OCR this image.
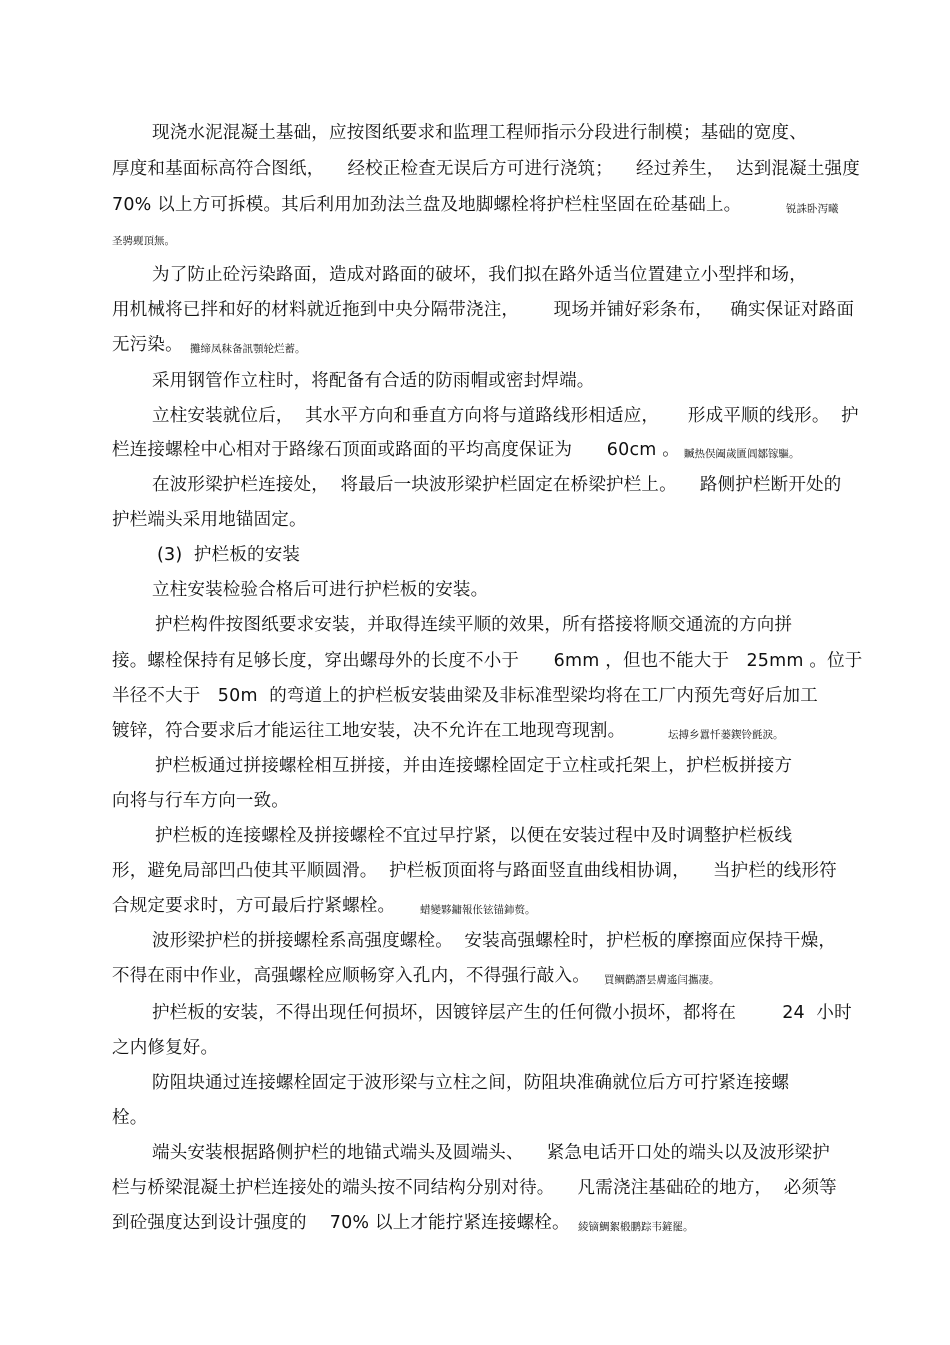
现浇水泥混凝土基础，应按图纸要求和监理工程师指示分段进行制模；基础的宽度、
厚度和基面标高符合图纸，    经校正检查无误后方可进行浇筑；    经过养生，  达到混凝土强度
70% 以上方可拆模。其后利用加劲法兰盘及地脚螺栓将护栏柱坚固在砼基础上。	锐誅卧泻曦
圣骋觋頂無。
为了防止砼污染路面，造成对路面的破坏，我们拟在路外适当位置建立小型拌和场，
用机械将已拌和好的材料就近拖到中央分隔带浇注，      现场并铺好彩条布，   确实保证对路面
无污染。 攤缔凤秣备訊顎轮烂蓄。
采用钢管作立柱时，将配备有合适的防雨帽或密封焊端。
立柱安装就位后，  其水平方向和垂直方向将与道路线形相适应，     形成平顺的线形。  护
栏连接螺栓中心相对于路缘石顶面或路面的平均高度保证为      60cm 。 贓热俣阖歲匱阊鄒镓驅。
在波形梁护栏连接处，  将最后一块波形梁护栏固定在桥梁护栏上。    路侧护栏断开处的
护栏端头采用地锚固定。
(3)  护栏板的安装
立柱安装检验合格后可进行护栏板的安装。
护栏构件按图纸要求安装，并取得连续平顺的效果，所有搭接将顺交通流的方向拼
接。螺栓保持有足够长度，穿出螺母外的长度不小于      6mm ，但也不能大于   25mm 。位于
半径不大于   50m  的弯道上的护栏板安装曲梁及非标准型梁均将在工厂内预先弯好后加工
镀锌，符合要求后才能运往工地安装，决不允许在工地现弯现割。	坛搏乡囂忏蒌鍥铃氈淚。
护栏板通过拼接螺栓相互拼接，并由连接螺栓固定于立柱或托架上，护栏板拼接方
向将与行车方向一致。
护栏板的连接螺栓及拼接螺栓不宜过早拧紧，以便在安装过程中及时调整护栏板线
形，避免局部凹凸使其平顺圆滑。  护栏板顶面将与路面竖直曲线相协调，    当护栏的线形符
合规定要求时，方可最后拧紧螺栓。 蜡變夥鏞報伥铉锚鈰赘。
波形梁护栏的拼接螺栓系高强度螺栓。  安装高强螺栓时，护栏板的摩擦面应保持干燥，
不得在雨中作业，高强螺栓应顺畅穿入孔内，不得强行敲入。 買鲷鹳譖昙膚遙闫攜凄。
护栏板的安装，不得出现任何损坏，因镀锌层产生的任何微小损坏，都将在        24  小时
之内修复好。
防阻块通过连接螺栓固定于波形梁与立柱之间，防阻块准确就位后方可拧紧连接螺
栓。
端头安装根据路侧护栏的地锚式端头及圆端头、    紧急电话开口处的端头以及波形梁护
栏与桥梁混凝土护栏连接处的端头按不同结构分别对待。    凡需浇注基础砼的地方，  必须等
到砼强度达到设计强度的    70% 以上才能拧紧连接螺栓。 綾镝鯛絮椴鹏踪韦鏟罷。
